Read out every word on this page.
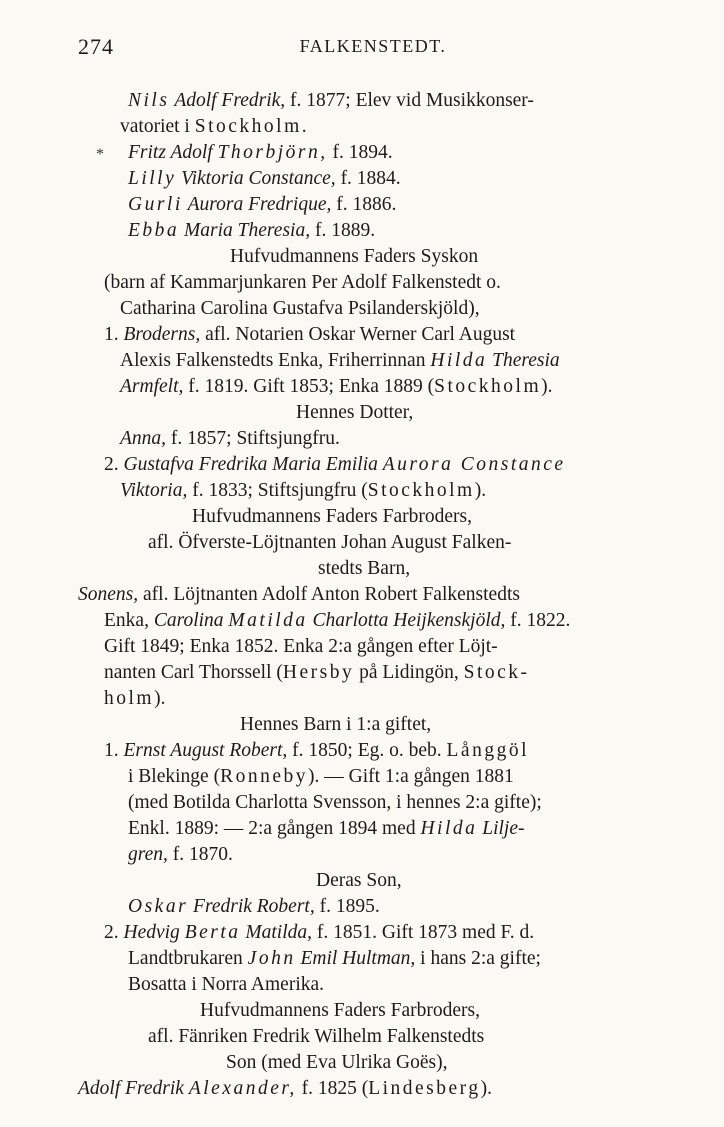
274	FALKENSTEDT.
Nils Adolf Fredrik, f. 1877; Elev vid Musikkonser-
vatoriet i Stockholm.
Fritz Adolf Thorbjörn, f. 1894.
Lilly Viktoria Constance, f. 1884.
Gurli Aurora Fredrique, f. 1886.
Ebba Maria Theresia, f. 1889.
Hufvudmannens Faders Syskon
(barn af Kammarjunkaren Per Adolf Falkenstedt o.
Catharina Carolina Gustafva Psilanderskjöld),
1. Broderns, afl. Notarien Oskar Werner Carl August
Alexis Falkenstedts Enka, Friherrinnan Hilda Theresia
Armfelt, f. 1819. Gift 1853; Enka 1889 (Stockholm).
Hennes Dotter,
Anna, f. 1857; Stiftsjungfru.
2. Gustafva Fredrika Maria Emilia Aurora Constance
Viktoria, f. 1833; Stiftsjungfru (Stockholm).
Hufvudmannens Faders Farbroders,
afl. Öfverste-Löjtnanten Johan August Falken-
stedts Barn,
Sonens, afl. Löjtnanten Adolf Anton Robert Falkenstedts
Enka, Carolina Matilda Charlotta Heijkenskjöld, f. 1822.
Gift 1849; Enka 1852. Enka 2:a gången efter Löjt-
nanten Carl Thorssell (Hersby på Lidingön, Stock-
holm).
Hennes Barn i 1:a giftet,
1. Ernst August Robert, f. 1850; Eg. o. beb. Långgöl
i Blekinge (Ronneby). — Gift 1:a gången 1881
(med Botilda Charlotta Svensson, i hennes 2:a gifte);
Enkl. 1889: — 2:a gången 1894 med Hilda Lilje-
gren, f. 1870.
Deras Son,
Oskar Fredrik Robert, f. 1895.
2. Hedvig Berta Matilda, f. 1851. Gift 1873 med F. d.
Landtbrukaren John Emil Hultman, i hans 2:a gifte;
Bosatta i Norra Amerika.
Hufvudmannens Faders Farbroders,
afl. Fänriken Fredrik Wilhelm Falkenstedts
Son (med Eva Ulrika Goës),
Adolf Fredrik Alexander, f. 1825 (Lindesberg).
*
